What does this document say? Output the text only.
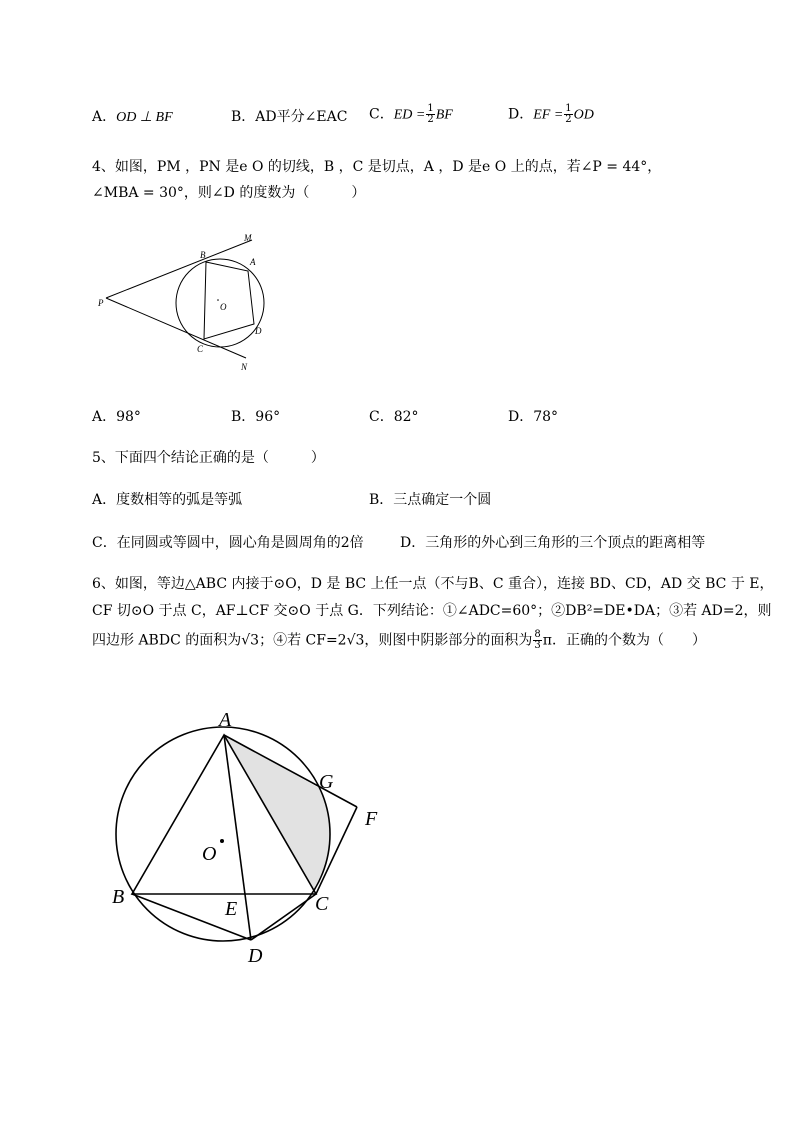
A．OD ⊥ BF	B．AD平分∠EAC C．ED = $\frac{1}{2}$ BF	D．EF = $\frac{1}{2}$ OD
4、如图，PM ，PN 是e O 的切线，B ，C 是切点，A ，D 是e O 上的点，若∠P = 44°，
∠MBA = 30°，则∠D 的度数为（　　　）
M
B
A
P	O
D
C
N
A．98°	B．96°	C．82°	D．78°
5、下面四个结论正确的是（　　　）
A．度数相等的弧是等弧	B．三点确定一个圆
C．在同圆或等圆中，圆心角是圆周角的2倍	D．三角形的外心到三角形的三个顶点的距离相等
6、如图，等边△ABC 内接于⊙O，D 是 BC 上任一点（不与B、C 重合），连接 BD、CD，AD 交 BC 于 E，
CF 切⊙O 于点 C，AF⊥CF 交⊙O 于点 G．下列结论：①∠ADC=60°；②DB²=DE•DA；③若 AD=2，则
四边形 ABDC 的面积为√3；④若 CF=2√3，则图中阴影部分的面积为 $\frac{8}{3}$ π．正确的个数为（　　）
A
G
F
O
B
E	C
D
